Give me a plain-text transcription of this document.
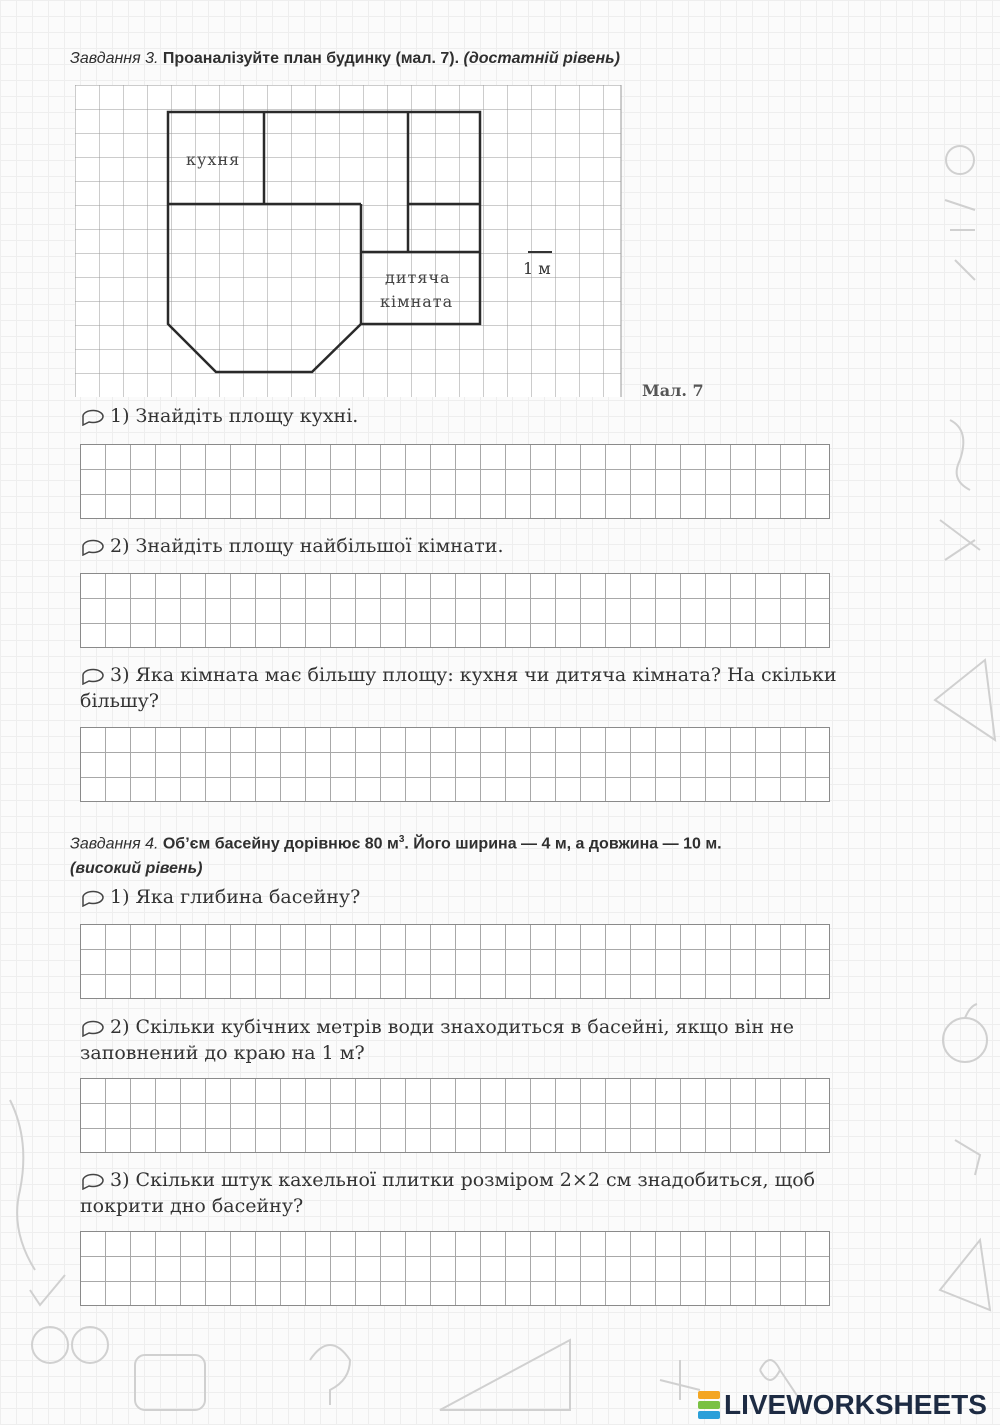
Завдання 3. Проаналізуйте план будинку (мал. 7). (достатній рівень)
кухня
дитяча
кімната
1 м
Мал. 7
1) Знайдіть площу кухні.
2) Знайдіть площу найбільшої кімнати.
3) Яка кімната має більшу площу: кухня чи дитяча кімната? На скільки більшу?
Завдання 4. Об’єм басейну дорівнює 80 $м^3$. Його ширина — 4 м, а довжина — 10 м.
(високий рівень)
1) Яка глибина басейну?
2) Скільки кубічних метрів води знаходиться в басейні, якщо він не заповнений до краю на 1 м?
3) Скільки штук кахельної плитки розміром 2×2 см знадобиться, щоб покрити дно басейну?
LIVEWORKSHEETS
